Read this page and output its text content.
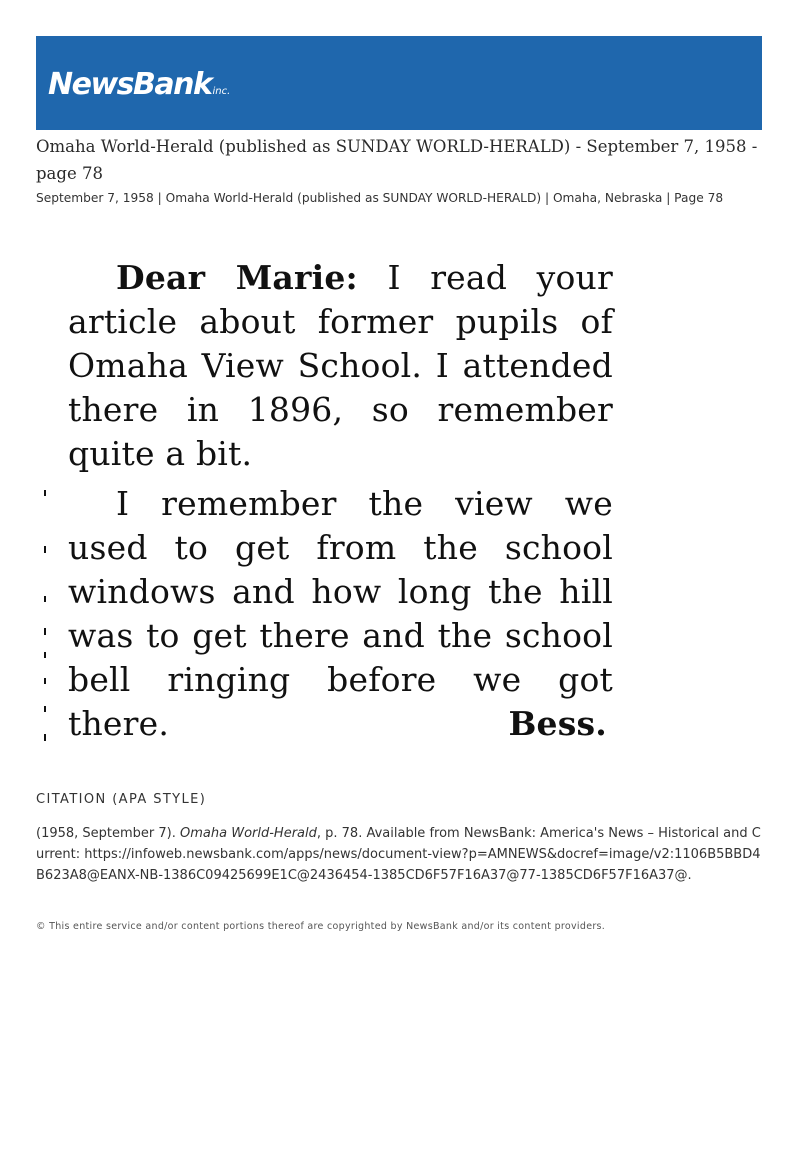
NewsBankinc.
Omaha World-Herald (published as SUNDAY WORLD-HERALD) - September 7, 1958 - page 78
September 7, 1958 | Omaha World-Herald (published as SUNDAY WORLD-HERALD) | Omaha, Nebraska | Page 78

Dear Marie: I read your article about former pupils of Omaha View School. I attended there in 1896, so remember quite a bit.

I remember the view we used to get from the school windows and how long the hill was to get there and the school bell ringing before we got there.	Bess.

CITATION (APA STYLE)
(1958, September 7). Omaha World-Herald, p. 78. Available from NewsBank: America's News – Historical and Current: https://infoweb.newsbank.com/apps/news/document-view?p=AMNEWS&docref=image/v2:1106B5BBD4B623A8@EANX-NB-1386C09425699E1C@2436454-1385CD6F57F16A37@77-1385CD6F57F16A37@.
© This entire service and/or content portions thereof are copyrighted by NewsBank and/or its content providers.
